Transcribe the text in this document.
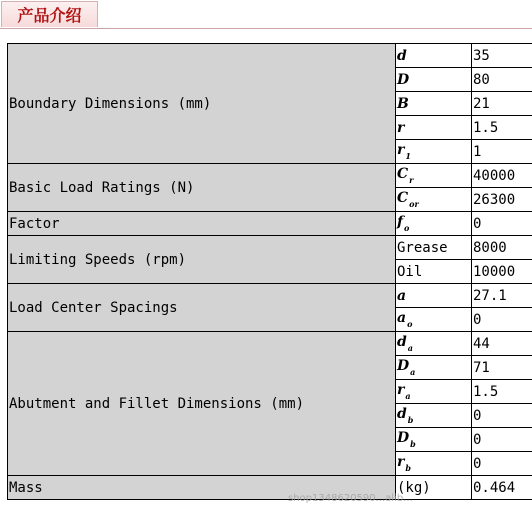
产品介绍
Boundary Dimensions (mm)	d	35
	D	80
	B	21
	r	1.5
	$r_1$	1
Basic Load Ratings (N)	$C_r$	40000
	$C_{or}$	26300
Factor	$f_o$	0
Limiting Speeds (rpm)	Grease	8000
	Oil	10000
Load Center Spacings	a	27.1
	$a_o$	0
Abutment and Fillet Dimensions (mm)	$d_a$	44
	$D_a$	71
	$r_a$	1.5
	$d_b$	0
	$D_b$	0
	$r_b$	0
Mass	(kg)	0.464
shop1348620590...alib...
